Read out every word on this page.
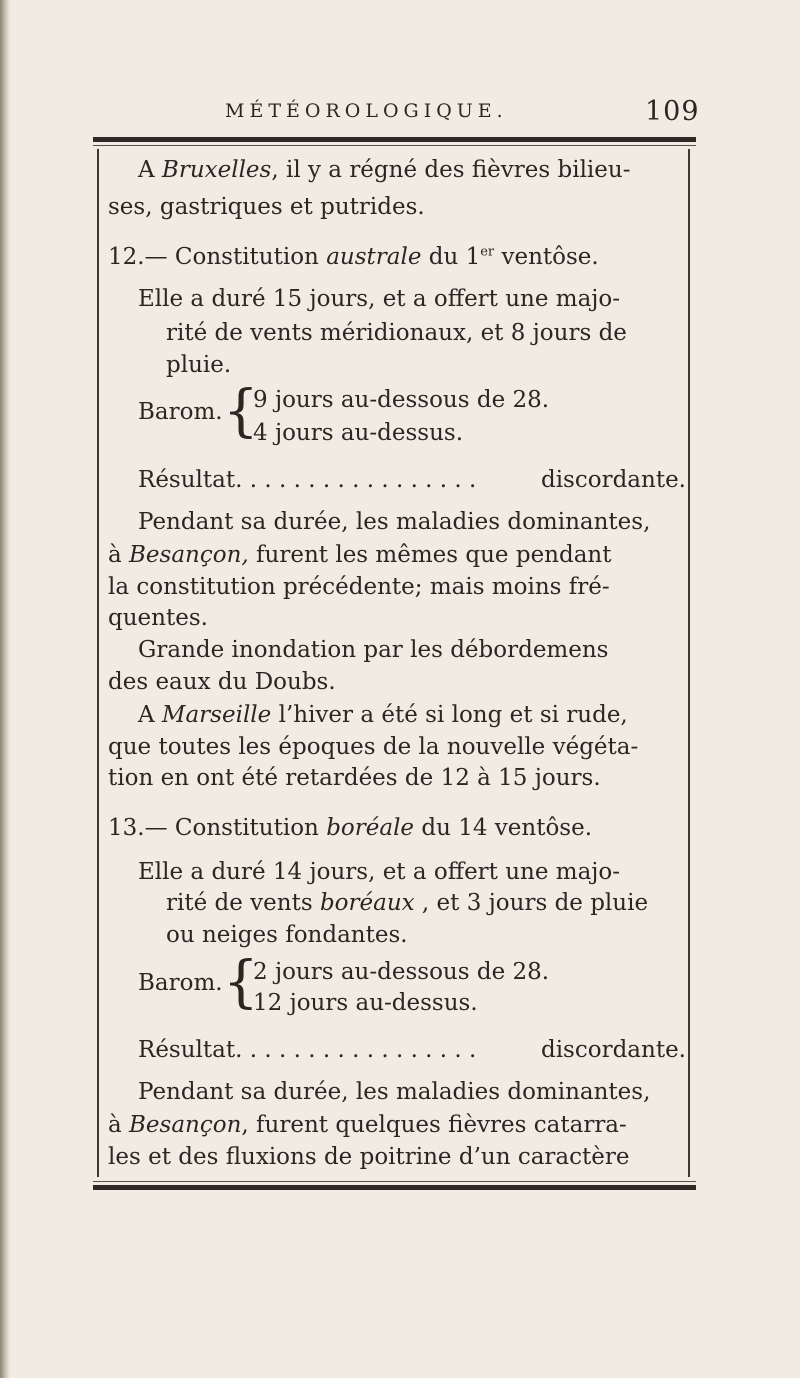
MÉTÉOROLOGIQUE.	109
A Bruxelles, il y a régné des fièvres bilieu-
ses, gastriques et putrides.
12.— Constitution australe du 1er ventôse.
Elle a duré 15 jours, et a offert une majo-
rité de vents méridionaux, et 8 jours de
pluie.
Barom. {
9 jours au-dessous de 28.
4 jours au-dessus.
Résultat. . . . . . . . . . . . . . . . .	discordante.
Pendant sa durée, les maladies dominantes,
à Besançon, furent les mêmes que pendant
la constitution précédente; mais moins fré-
quentes.
Grande inondation par les débordemens
des eaux du Doubs.
A Marseille l’hiver a été si long et si rude,
que toutes les époques de la nouvelle végéta-
tion en ont été retardées de 12 à 15 jours.
13.— Constitution boréale du 14 ventôse.
Elle a duré 14 jours, et a offert une majo-
rité de vents boréaux , et 3 jours de pluie
ou neiges fondantes.
Barom. {
2 jours au-dessous de 28.
12 jours au-dessus.
Résultat. . . . . . . . . . . . . . . . .	discordante.
Pendant sa durée, les maladies dominantes,
à Besançon, furent quelques fièvres catarra-
les et des fluxions de poitrine d’un caractère
